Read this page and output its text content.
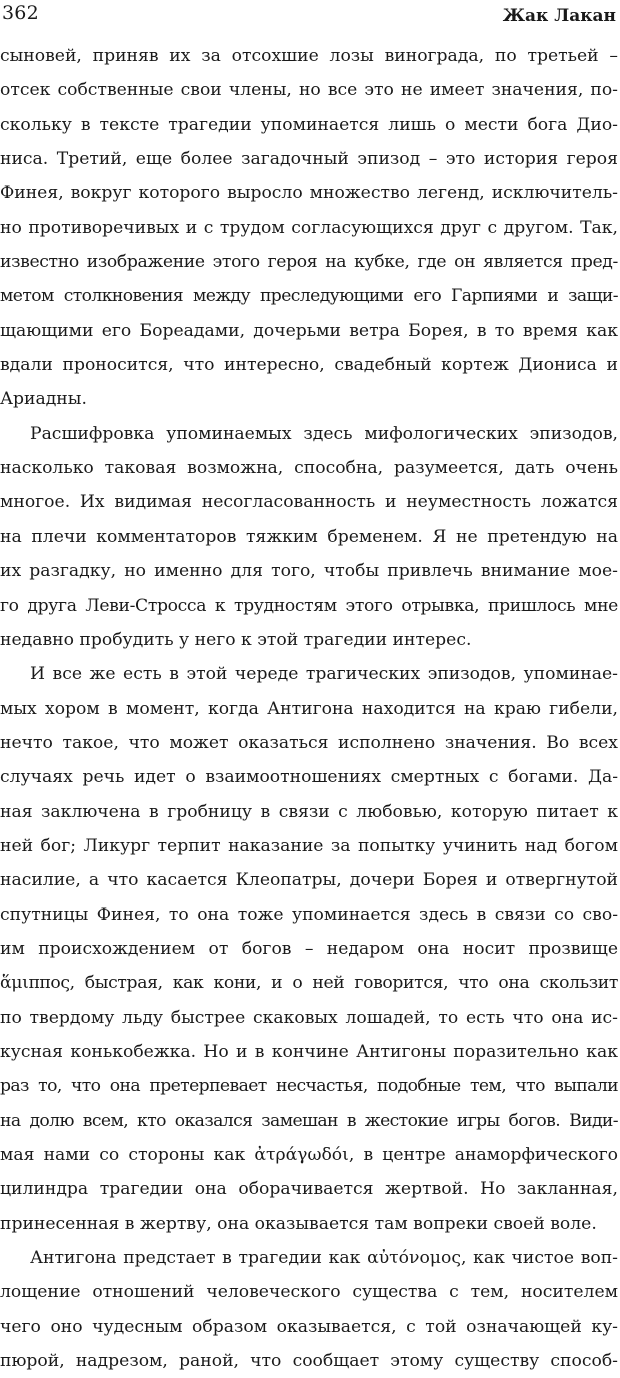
362	Жак Лакан
сыновей, приняв их за отсохшие лозы винограда, по третьей –
отсек собственные свои члены, но все это не имеет значения, по-
скольку в тексте трагедии упоминается лишь о мести бога Дио-
ниса. Третий, еще более загадочный эпизод – это история героя
Финея, вокруг которого выросло множество легенд, исключитель-
но противоречивых и с трудом согласующихся друг с другом. Так,
известно изображение этого героя на кубке, где он является пред-
метом столкновения между преследующими его Гарпиями и защи-
щающими его Бореадами, дочерьми ветра Борея, в то время как
вдали проносится, что интересно, свадебный кортеж Диониса и
Ариадны.
Расшифровка упоминаемых здесь мифологических эпизодов,
насколько таковая возможна, способна, разумеется, дать очень
многое. Их видимая несогласованность и неуместность ложатся
на плечи комментаторов тяжким бременем. Я не претендую на
их разгадку, но именно для того, чтобы привлечь внимание мое-
го друга Леви-Стросса к трудностям этого отрывка, пришлось мне
недавно пробудить у него к этой трагедии интерес.
И все же есть в этой череде трагических эпизодов, упоминае-
мых хором в момент, когда Антигона находится на краю гибели,
нечто такое, что может оказаться исполнено значения. Во всех
случаях речь идет о взаимоотношениях смертных с богами. Да-
ная заключена в гробницу в связи с любовью, которую питает к
ней бог; Ликург терпит наказание за попытку учинить над богом
насилие, а что касается Клеопатры, дочери Борея и отвергнутой
спутницы Финея, то она тоже упоминается здесь в связи со сво-
им происхождением от богов – недаром она носит прозвище
ἅμιππος, быстрая, как кони, и о ней говорится, что она скользит
по твердому льду быстрее скаковых лошадей, то есть что она ис-
кусная конькобежка. Но и в кончине Антигоны поразительно как
раз то, что она претерпевает несчастья, подобные тем, что выпали
на долю всем, кто оказался замешан в жестокие игры богов. Види-
мая нами со стороны как ἀτράγωδόι, в центре анаморфического
цилиндра трагедии она оборачивается жертвой. Но закланная,
принесенная в жертву, она оказывается там вопреки своей воле.
Антигона предстает в трагедии как αὐτόνομος, как чистое воп-
лощение отношений человеческого существа с тем, носителем
чего оно чудесным образом оказывается, с той означающей ку-
пюрой, надрезом, раной, что сообщает этому существу способ-
